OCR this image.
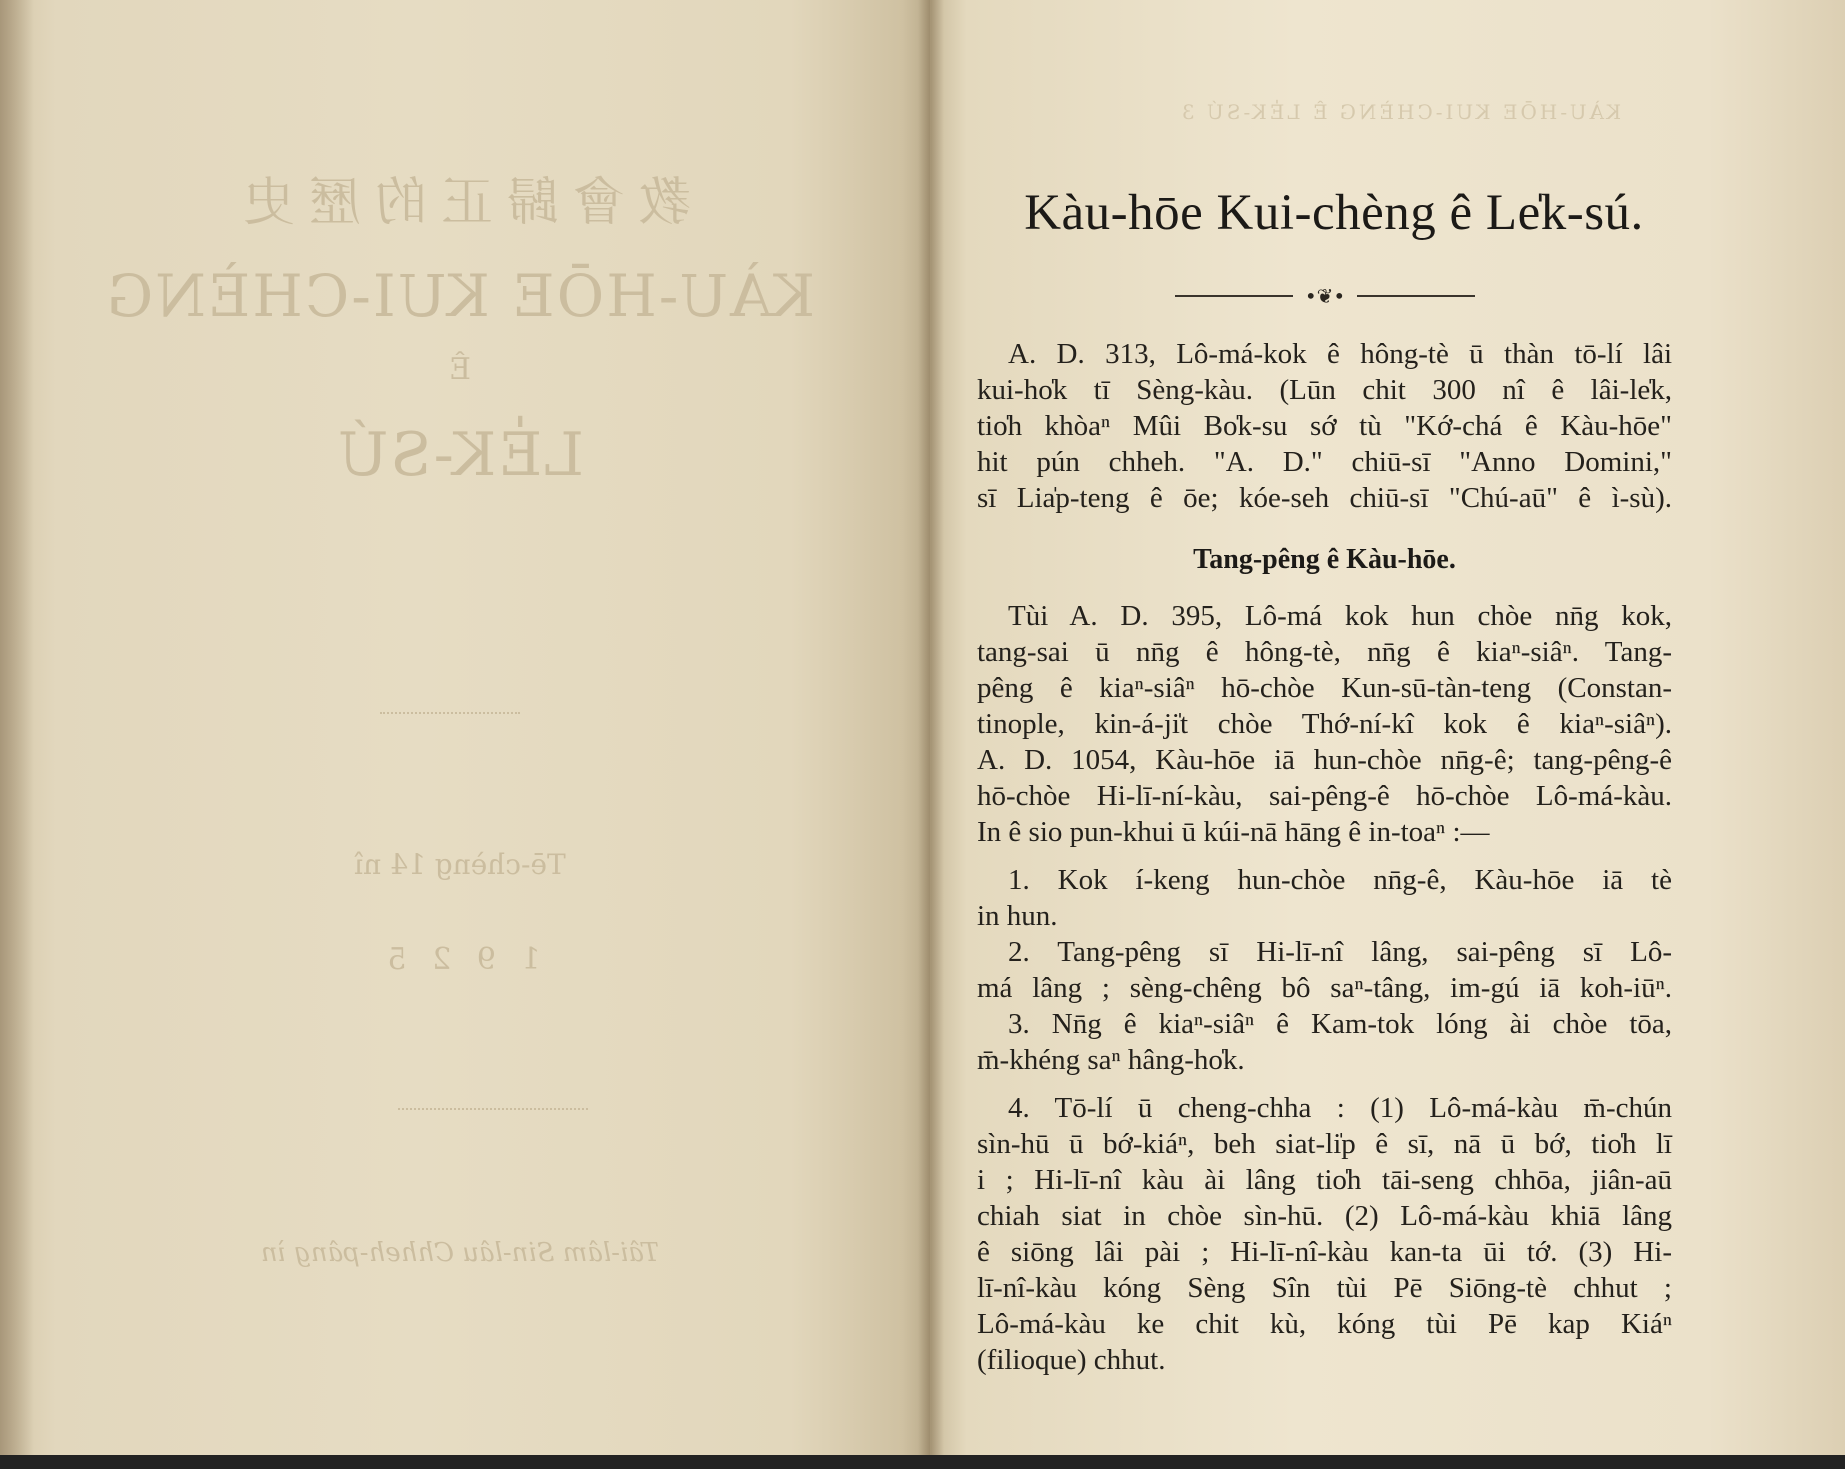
教會歸正的歷史
KÀU-HŌE KUI-CHÈNG
Ê
LE̍K-SÚ
Tē-chèng 14 nî
1 9 2 5
Tâi-lâm Sin-lâu Chheh-pâng ìn
KÀU-HŌE KUI-CHÈNG Ê LE̍K-SÚ 3
Kàu-hōe Kui-chèng ê Le̍k-sú.
•❦•
A. D. 313, Lô-má-kok ê hông-tè ū thàn tō-lí lâi
kui-ho̍k tī Sèng-kàu. (Lūn chit 300 nî ê lâi-le̍k,
tio̍h khòaⁿ Mûi Bo̍k-su sớ tù "Kớ-chá ê Kàu-hōe"
hit pún chheh. "A. D." chiū-sī "Anno Domini,"
sī Lia̍p-teng ê ōe; kóe-seh chiū-sī "Chú-aū" ê ì-sù).
Tang-pêng ê Kàu-hōe.
Tùi A. D. 395, Lô-má kok hun chòe nn̄g kok,
tang-sai ū nn̄g ê hông-tè, nn̄g ê kiaⁿ-siâⁿ. Tang-
pêng ê kiaⁿ-siâⁿ hō-chòe Kun-sū-tàn-teng (Constan-
tinople, kin-á-ji̍t chòe Thớ-ní-kî kok ê kiaⁿ-siâⁿ).
A. D. 1054, Kàu-hōe iā hun-chòe nn̄g-ê; tang-pêng-ê
hō-chòe Hi-lī-ní-kàu, sai-pêng-ê hō-chòe Lô-má-kàu.
In ê sio pun-khui ū kúi-nā hāng ê in-toaⁿ :—
1. Kok í-keng hun-chòe nn̄g-ê, Kàu-hōe iā tè
in hun.
2. Tang-pêng sī Hi-lī-nî lâng, sai-pêng sī Lô-
má lâng ; sèng-chêng bô saⁿ-tâng, im-gú iā koh-iūⁿ.
3. Nn̄g ê kiaⁿ-siâⁿ ê Kam-tok lóng ài chòe tōa,
m̄-khéng saⁿ hâng-ho̍k.
4. Tō-lí ū cheng-chha : (1) Lô-má-kàu m̄-chún
sìn-hū ū bớ-kiáⁿ, beh siat-li̍p ê sī, nā ū bớ, tio̍h lī
i ; Hi-lī-nî kàu ài lâng tio̍h tāi-seng chhōa, jiân-aū
chiah siat in chòe sìn-hū. (2) Lô-má-kàu khiā lâng
ê siōng lâi pài ; Hi-lī-nî-kàu kan-ta ūi tớ. (3) Hi-
lī-nî-kàu kóng Sèng Sîn tùi Pē Siōng-tè chhut ;
Lô-má-kàu ke chit kù, kóng tùi Pē kap Kiáⁿ
(filioque) chhut.
